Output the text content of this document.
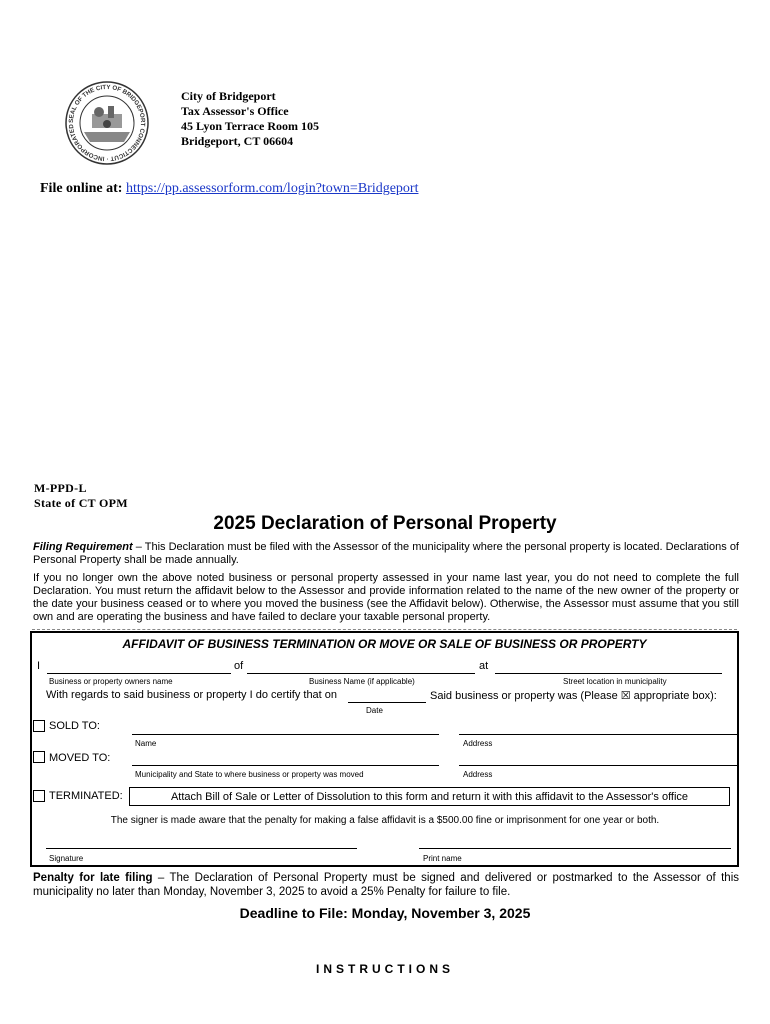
SEAL OF THE CITY OF BRIDGEPORT CONNECTICUT · INCORPORATED
City of Bridgeport
Tax Assessor's Office
45 Lyon Terrace Room 105
Bridgeport, CT 06604
File online at: https://pp.assessorform.com/login?town=Bridgeport
M-PPD-L
State of CT OPM
2025 Declaration of Personal Property
Filing Requirement – This Declaration must be filed with the Assessor of the municipality where the personal property is located. Declarations of Personal Property shall be made annually.
If you no longer own the above noted business or personal property assessed in your name last year, you do not need to complete the full Declaration. You must return the affidavit below to the Assessor and provide information related to the name of the new owner of the property or the date your business ceased or to where you moved the business (see the Affidavit below). Otherwise, the Assessor must assume that you still own and are operating the business and have failed to declare your taxable personal property.
AFFIDAVIT OF BUSINESS TERMINATION OR MOVE OR SALE OF BUSINESS OR PROPERTY
I	of	at
Business or property owners name	Business Name (if applicable)	Street location in municipality
With regards to said business or property I do certify that on	Said business or property was (Please ☒ appropriate box):
Date
SOLD TO:
Name	Address
MOVED TO:
Municipality and State to where business or property was moved	Address
TERMINATED:	Attach Bill of Sale or Letter of Dissolution to this form and return it with this affidavit to the Assessor's office
The signer is made aware that the penalty for making a false affidavit is a $500.00 fine or imprisonment for one year or both.
Signature	Print name
Penalty for late filing – The Declaration of Personal Property must be signed and delivered or postmarked to the Assessor of this municipality no later than Monday, November 3, 2025 to avoid a 25% Penalty for failure to file.
Deadline to File: Monday, November 3, 2025
INSTRUCTIONS
